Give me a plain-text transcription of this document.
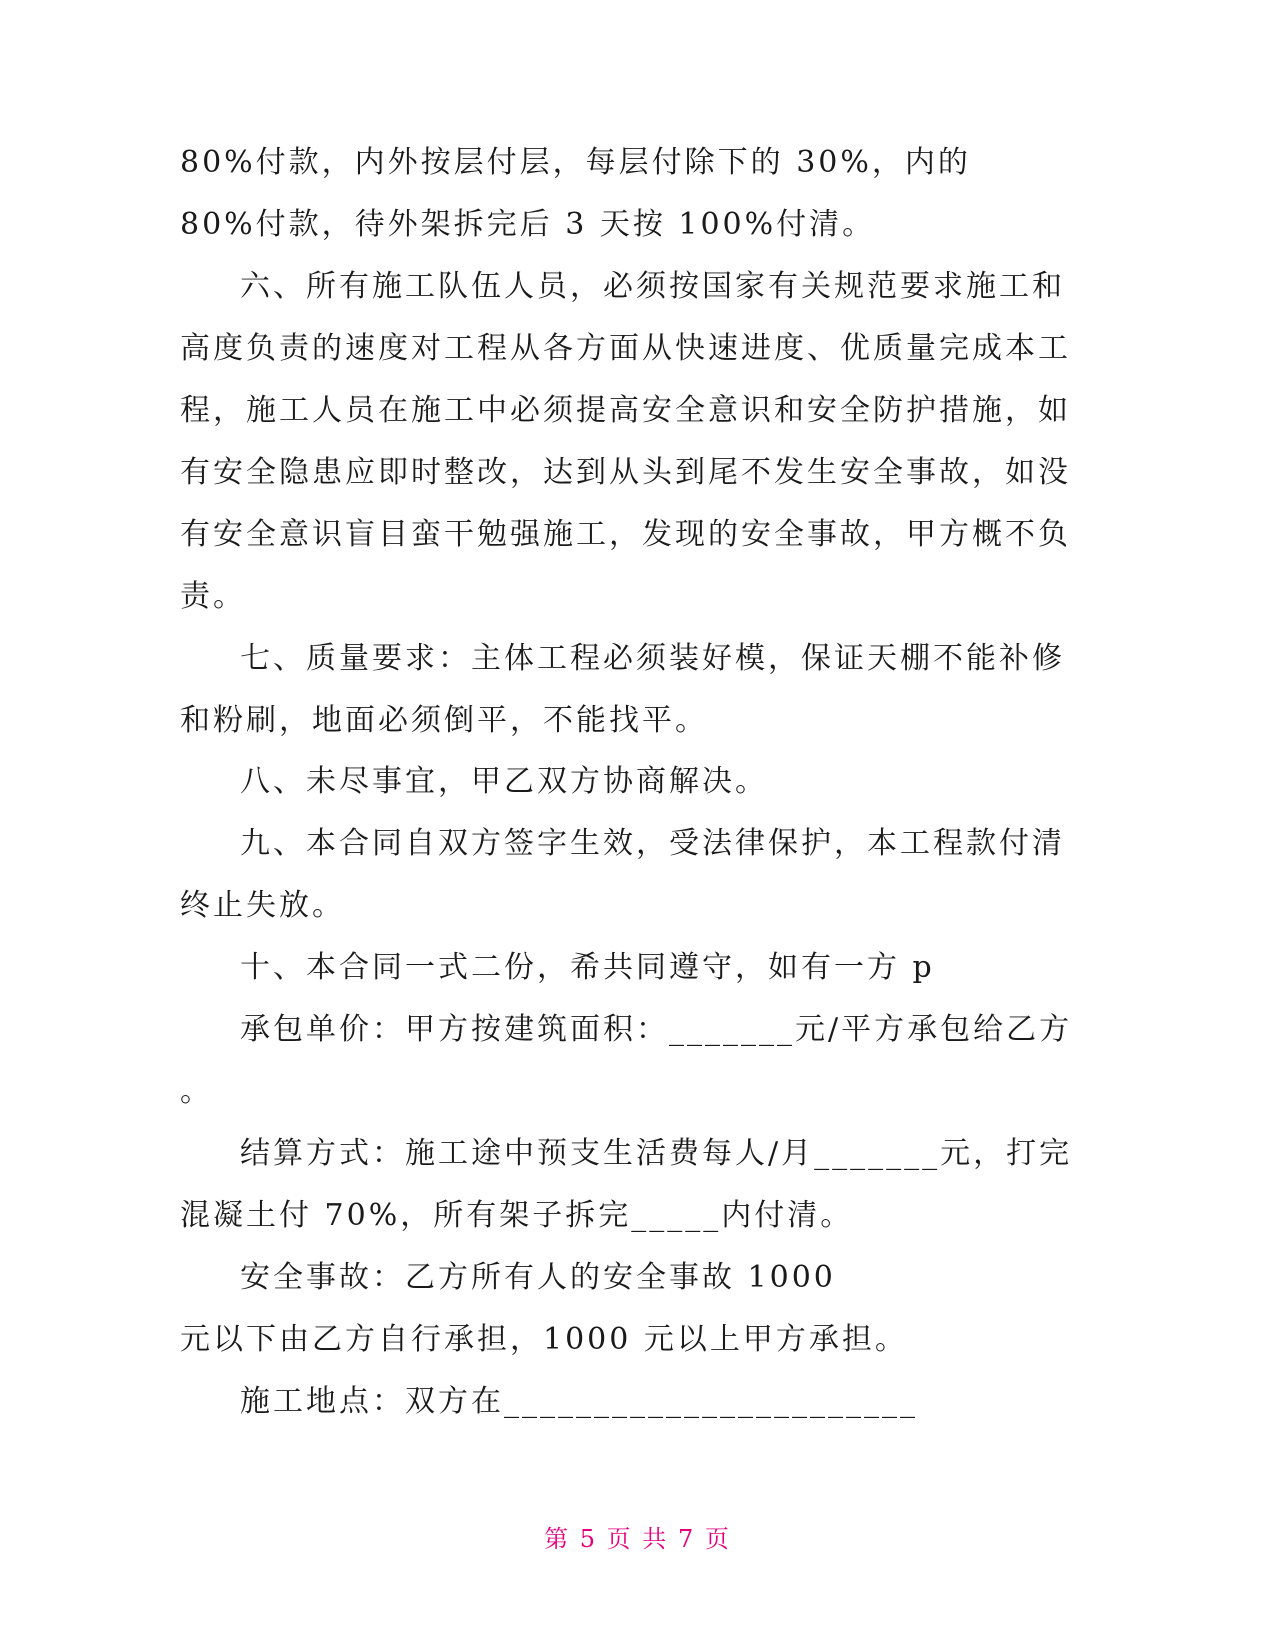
80%付款，内外按层付层，每层付除下的 30%，内的
80%付款，待外架拆完后 3 天按 100%付清。
六、所有施工队伍人员，必须按国家有关规范要求施工和
高度负责的速度对工程从各方面从快速进度、优质量完成本工
程，施工人员在施工中必须提高安全意识和安全防护措施，如
有安全隐患应即时整改，达到从头到尾不发生安全事故，如没
有安全意识盲目蛮干勉强施工，发现的安全事故，甲方概不负
责。
七、质量要求：主体工程必须装好模，保证天棚不能补修
和粉刷，地面必须倒平，不能找平。
八、未尽事宜，甲乙双方协商解决。
九、本合同自双方签字生效，受法律保护，本工程款付清
终止失放。
十、本合同一式二份，希共同遵守，如有一方 p
承包单价：甲方按建筑面积：_______元/平方承包给乙方
。
结算方式：施工途中预支生活费每人/月_______元，打完
混凝土付 70%，所有架子拆完_____内付清。
安全事故：乙方所有人的安全事故 1000
元以下由乙方自行承担，1000 元以上甲方承担。
施工地点：双方在_______________________
第 5 页 共 7 页
